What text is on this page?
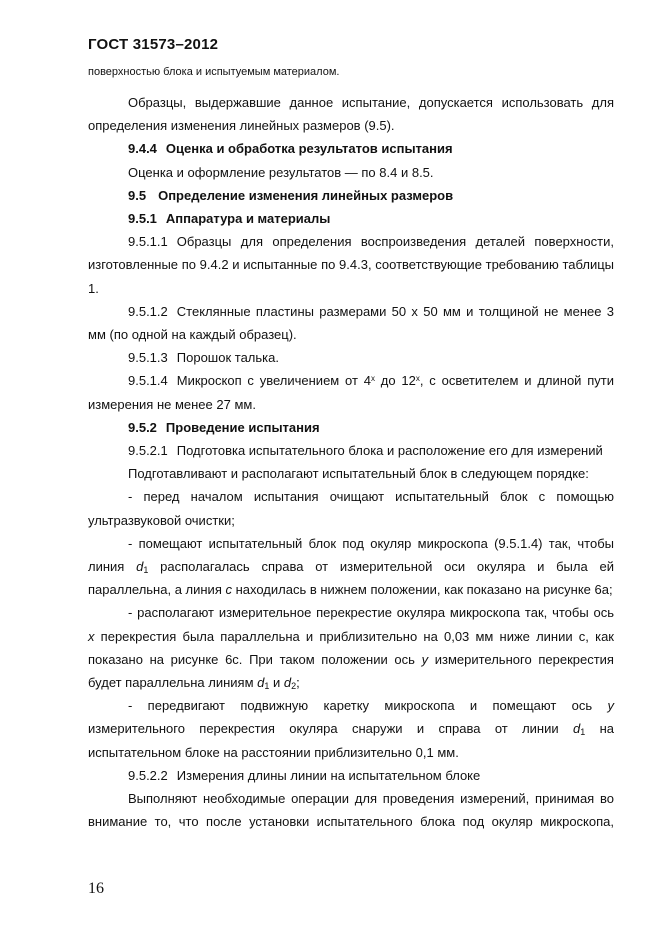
ГОСТ 31573–2012
поверхностью блока и испытуемым материалом.

Образцы, выдержавшие данное испытание, допускается использовать для определения изменения линейных размеров (9.5).

9.4.4 Оценка и обработка результатов испытания

Оценка и оформление результатов — по 8.4 и 8.5.

9.5 Определение изменения линейных размеров

9.5.1 Аппаратура и материалы

9.5.1.1 Образцы для определения воспроизведения деталей поверхности, изготовленные по 9.4.2 и испытанные по 9.4.3, соответствующие требованию таблицы 1.

9.5.1.2 Стеклянные пластины размерами 50 х 50 мм и толщиной не менее 3 мм (по одной на каждый образец).

9.5.1.3 Порошок талька.

9.5.1.4 Микроскоп с увеличением от $4^х$ до $12^х$, с осветителем и длиной пути измерения не менее 27 мм.

9.5.2 Проведение испытания

9.5.2.1 Подготовка испытательного блока и расположение его для измерений

Подготавливают и располагают испытательный блок в следующем порядке:

- перед началом испытания очищают испытательный блок с помощью ультразвуковой очистки;

- помещают испытательный блок под окуляр микроскопа (9.5.1.4) так, чтобы линия $d_1$ располагалась справа от измерительной оси окуляра и была ей параллельна, а линия c находилась в нижнем положении, как показано на рисунке 6а;

- располагают измерительное перекрестие окуляра микроскопа так, чтобы ось x перекрестия была параллельна и приблизительно на 0,03 мм ниже линии с, как показано на рисунке 6с. При таком положении ось y измерительного перекрестия будет параллельна линиям $d_1$ и $d_2$;

- передвигают подвижную каретку микроскопа и помещают ось y измерительного перекрестия окуляра снаружи и справа от линии $d_1$ на испытательном блоке на расстоянии приблизительно 0,1 мм.

9.5.2.2 Измерения длины линии на испытательном блоке

Выполняют необходимые операции для проведения измерений, принимая во внимание то, что после установки испытательного блока под окуляр микроскопа,

16
